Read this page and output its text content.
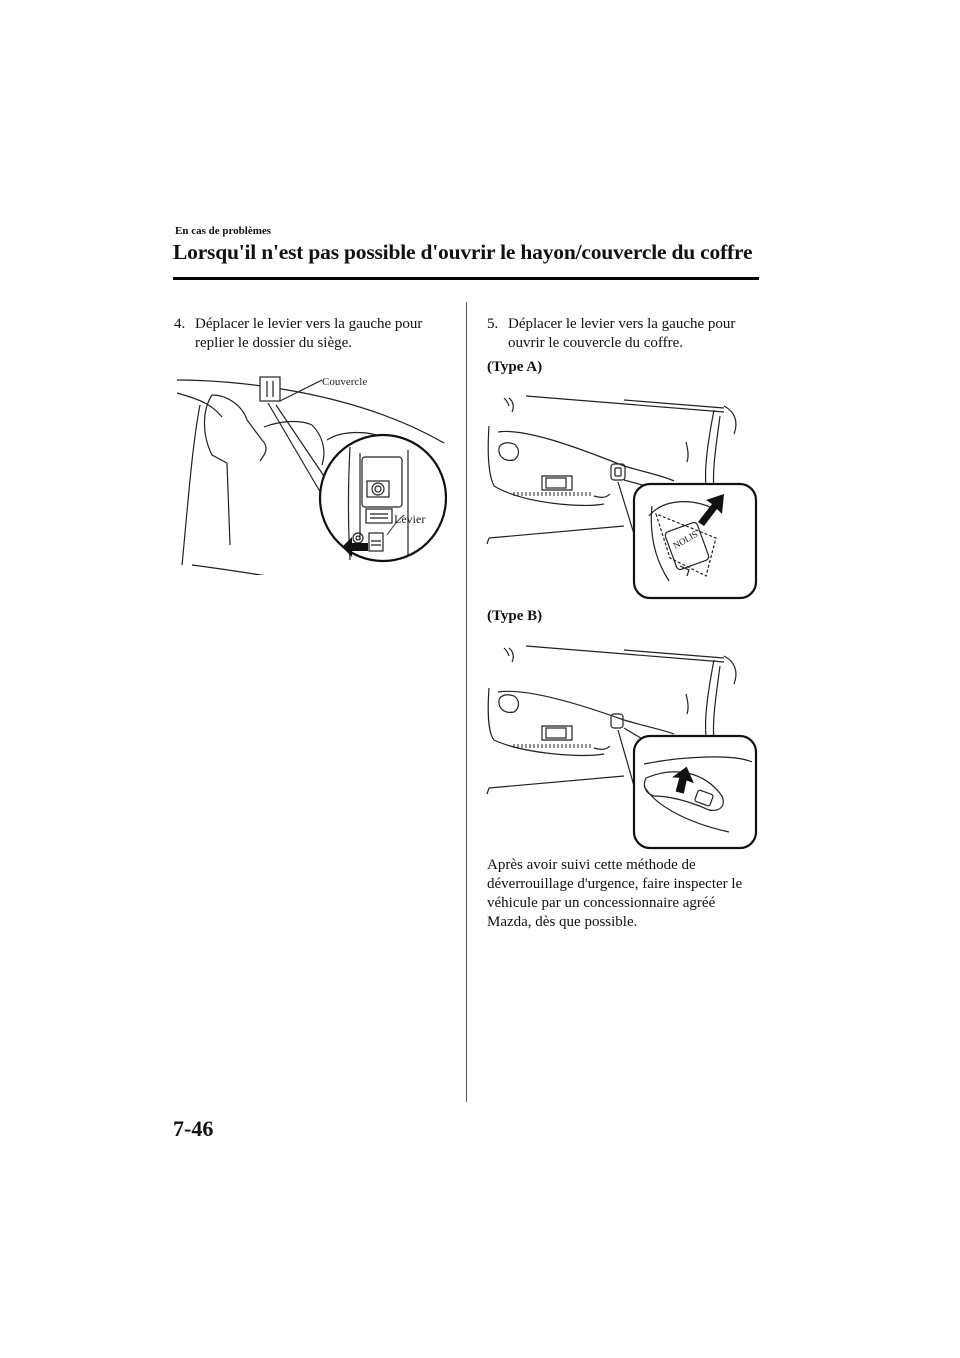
En cas de problèmes
Lorsqu'il n'est pas possible d'ouvrir le hayon/couvercle du coffre
4. Déplacer le levier vers la gauche pour replier le dossier du siège.
Couvercle
Levier
5. Déplacer le levier vers la gauche pour ouvrir le couvercle du coffre.
(Type A)
NOLIS
(Type B)
Après avoir suivi cette méthode de déverrouillage d'urgence, faire inspecter le véhicule par un concessionnaire agréé Mazda, dès que possible.
7-46
